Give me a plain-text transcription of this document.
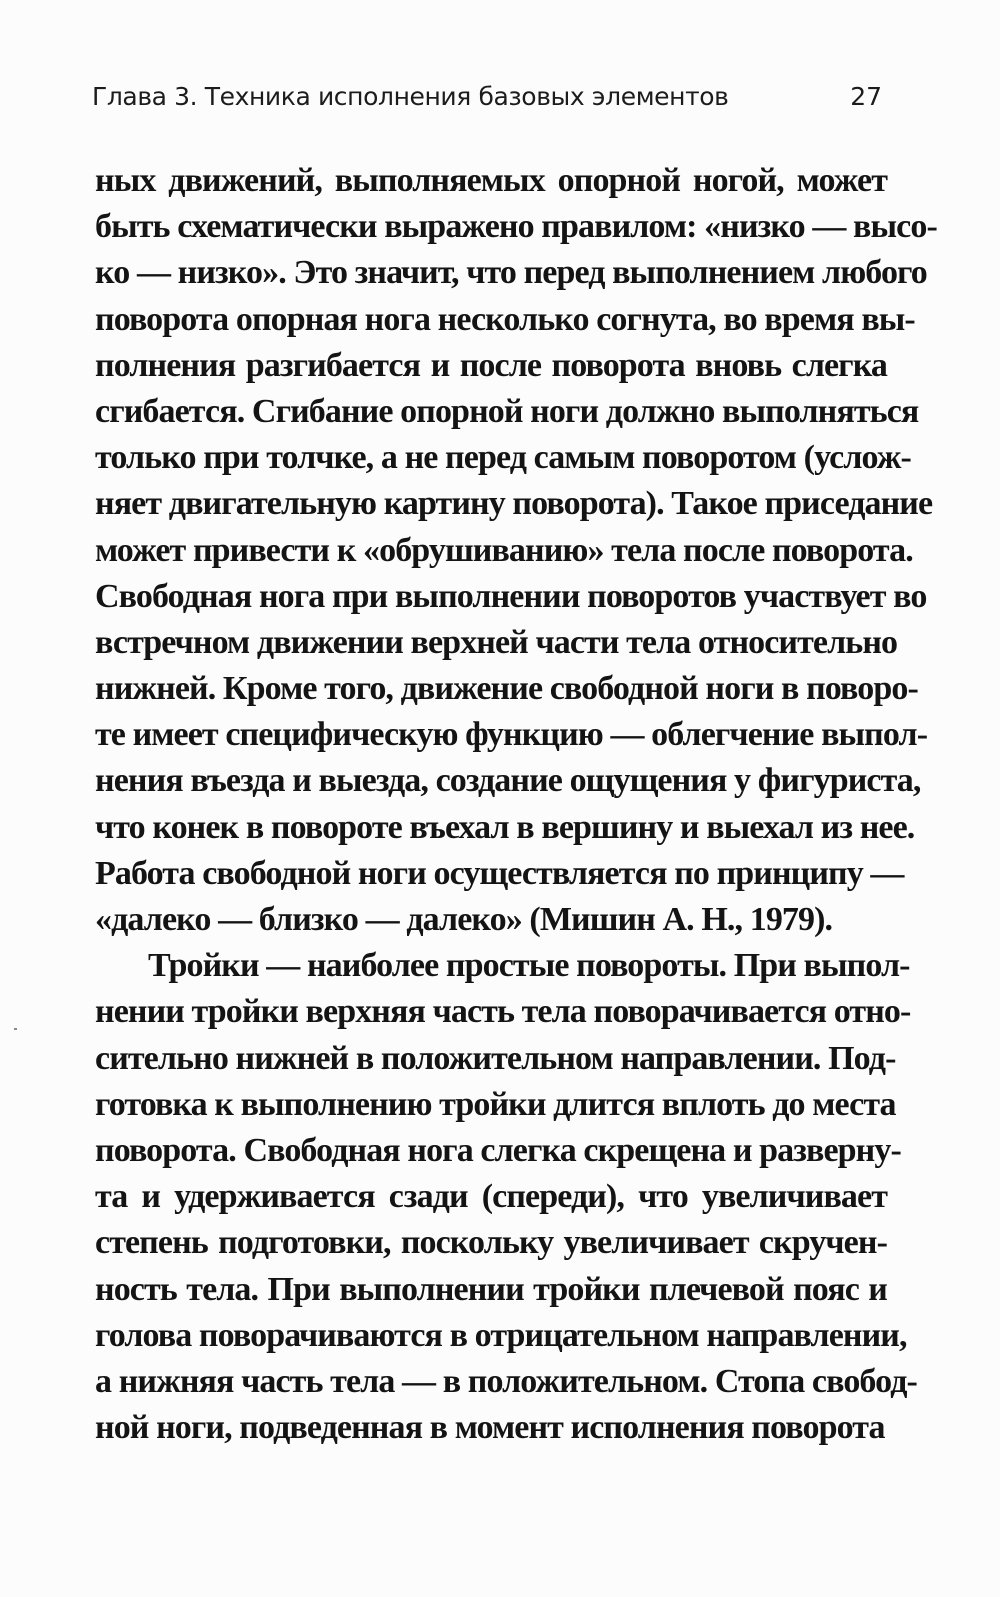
Глава 3. Техника исполнения базовых элементов	27
ных движений, выполняемых опорной ногой, может
быть схематически выражено правилом: «низко — высо-
ко — низко». Это значит, что перед выполнением любого
поворота опорная нога несколько согнута, во время вы-
полнения разгибается и после поворота вновь слегка
сгибается. Сгибание опорной ноги должно выполняться
только при толчке, а не перед самым поворотом (услож-
няет двигательную картину поворота). Такое приседание
может привести к «обрушиванию» тела после поворота.
Свободная нога при выполнении поворотов участвует во
встречном движении верхней части тела относительно
нижней. Кроме того, движение свободной ноги в поворо-
те имеет специфическую функцию — облегчение выпол-
нения въезда и выезда, создание ощущения у фигуриста,
что конек в повороте въехал в вершину и выехал из нее.
Работа свободной ноги осуществляется по принципу —
«далеко — близко — далеко» (Мишин А. Н., 1979).
Тройки — наиболее простые повороты. При выпол-
нении тройки верхняя часть тела поворачивается отно-
сительно нижней в положительном направлении. Под-
готовка к выполнению тройки длится вплоть до места
поворота. Свободная нога слегка скрещена и разверну-
та и удерживается сзади (спереди), что увеличивает
степень подготовки, поскольку увеличивает скручен-
ность тела. При выполнении тройки плечевой пояс и
голова поворачиваются в отрицательном направлении,
а нижняя часть тела — в положительном. Стопа свобод-
ной ноги, подведенная в момент исполнения поворота
